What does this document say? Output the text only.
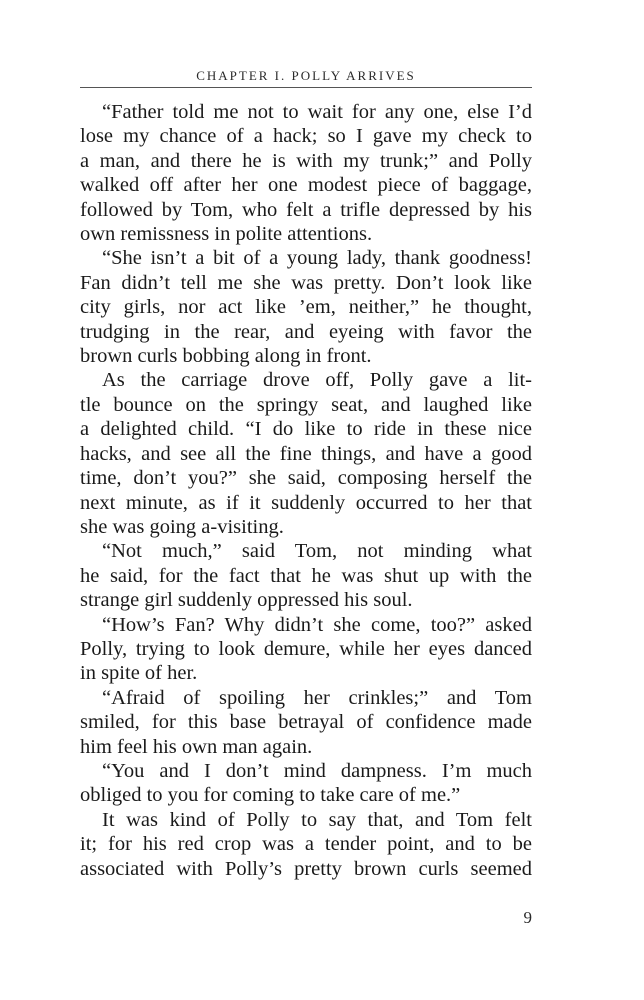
CHAPTER I. POLLY ARRIVES
“Father told me not to wait for any one, else I’d
lose my chance of a hack; so I gave my check to
a man, and there he is with my trunk;” and Polly
walked off after her one modest piece of baggage,
followed by Tom, who felt a trifle depressed by his
own remissness in polite attentions.
“She isn’t a bit of a young lady, thank goodness!
Fan didn’t tell me she was pretty. Don’t look like
city girls, nor act like ’em, neither,” he thought,
trudging in the rear, and eyeing with favor the
brown curls bobbing along in front.
As the carriage drove off, Polly gave a lit-
tle bounce on the springy seat, and laughed like
a delighted child. “I do like to ride in these nice
hacks, and see all the fine things, and have a good
time, don’t you?” she said, composing herself the
next minute, as if it suddenly occurred to her that
she was going a-visiting.
“Not much,” said Tom, not minding what
he said, for the fact that he was shut up with the
strange girl suddenly oppressed his soul.
“How’s Fan? Why didn’t she come, too?” asked
Polly, trying to look demure, while her eyes danced
in spite of her.
“Afraid of spoiling her crinkles;” and Tom
smiled, for this base betrayal of confidence made
him feel his own man again.
“You and I don’t mind dampness. I’m much
obliged to you for coming to take care of me.”
It was kind of Polly to say that, and Tom felt
it; for his red crop was a tender point, and to be
associated with Polly’s pretty brown curls seemed
9
